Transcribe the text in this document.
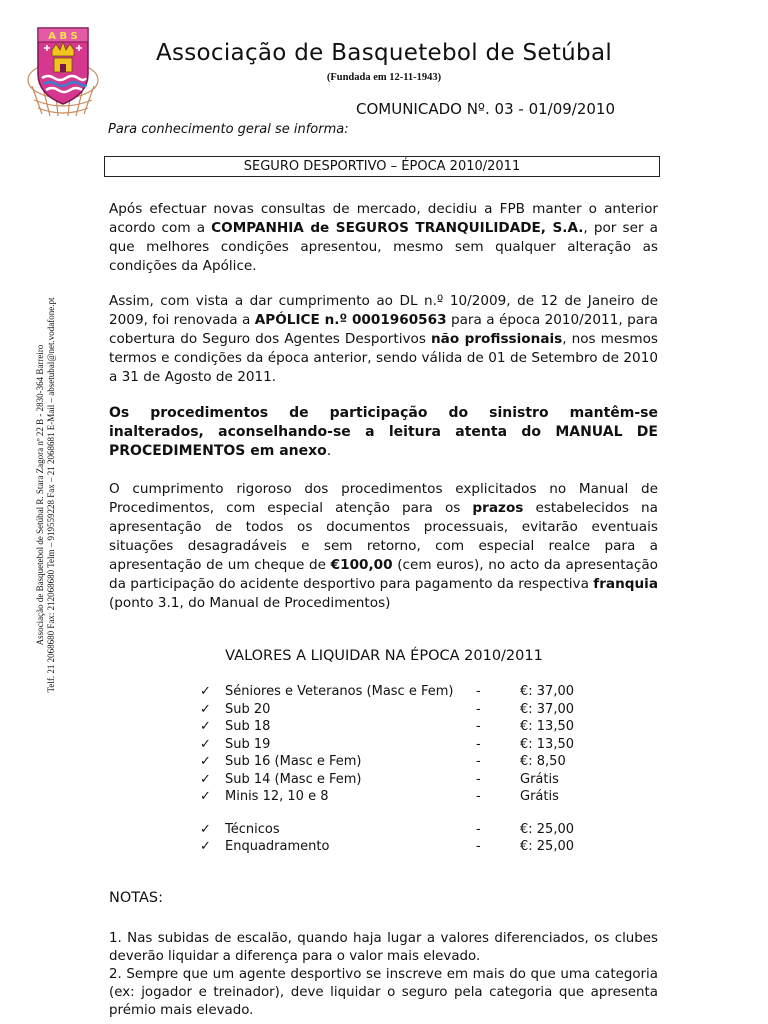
A B S
Associação de Basquetebol de Setúbal
(Fundada em 12-11-1943)
COMUNICADO Nº. 03 - 01/09/2010
Para conhecimento geral se informa:
SEGURO DESPORTIVO – ÉPOCA 2010/2011
Associação de Basquetebol de Setúbal R. Stara Zagora nº 22 B - 2830-364 Barreiro Telf. 21 2068680 Fax: 212068680 Telm – 919559228 Fax – 21 2068681 E-Mail – absetubal@net.vodafone.pt
Após efectuar novas consultas de mercado, decidiu a FPB manter o anterior acordo com a COMPANHIA de SEGUROS TRANQUILIDADE, S.A., por ser a que melhores condições apresentou, mesmo sem qualquer alteração as condições da Apólice.
Assim, com vista a dar cumprimento ao DL n.º 10/2009, de 12 de Janeiro de 2009, foi renovada a APÓLICE n.º 0001960563 para a época 2010/2011, para cobertura do Seguro dos Agentes Desportivos não profissionais, nos mesmos termos e condições da época anterior, sendo válida de 01 de Setembro de 2010 a 31 de Agosto de 2011.
Os procedimentos de participação do sinistro mantêm-se inalterados, aconselhando-se a leitura atenta do MANUAL DE PROCEDIMENTOS em anexo.
O cumprimento rigoroso dos procedimentos explicitados no Manual de Procedimentos, com especial atenção para os prazos estabelecidos na apresentação de todos os documentos processuais, evitarão eventuais situações desagradáveis e sem retorno, com especial realce para a apresentação de um cheque de €100,00 (cem euros), no acto da apresentação da participação do acidente desportivo para pagamento da respectiva franquia (ponto 3.1, do Manual de Procedimentos)
VALORES A LIQUIDAR NA ÉPOCA 2010/2011
✓ Séniores e Veteranos (Masc e Fem) -	€: 37,00
✓ Sub 20	-	€: 37,00
✓ Sub 18	-	€: 13,50
✓ Sub 19	-	€: 13,50
✓ Sub 16 (Masc e Fem)	-	€: 8,50
✓ Sub 14 (Masc e Fem)	-	Grátis
✓ Minis 12, 10 e 8	-	Grátis
✓ Técnicos	-	€: 25,00
✓ Enquadramento	-	€: 25,00
NOTAS:
1. Nas subidas de escalão, quando haja lugar a valores diferenciados, os clubes deverão liquidar a diferença para o valor mais elevado.
2. Sempre que um agente desportivo se inscreve em mais do que uma categoria (ex: jogador e treinador), deve liquidar o seguro pela categoria que apresenta prémio mais elevado.
